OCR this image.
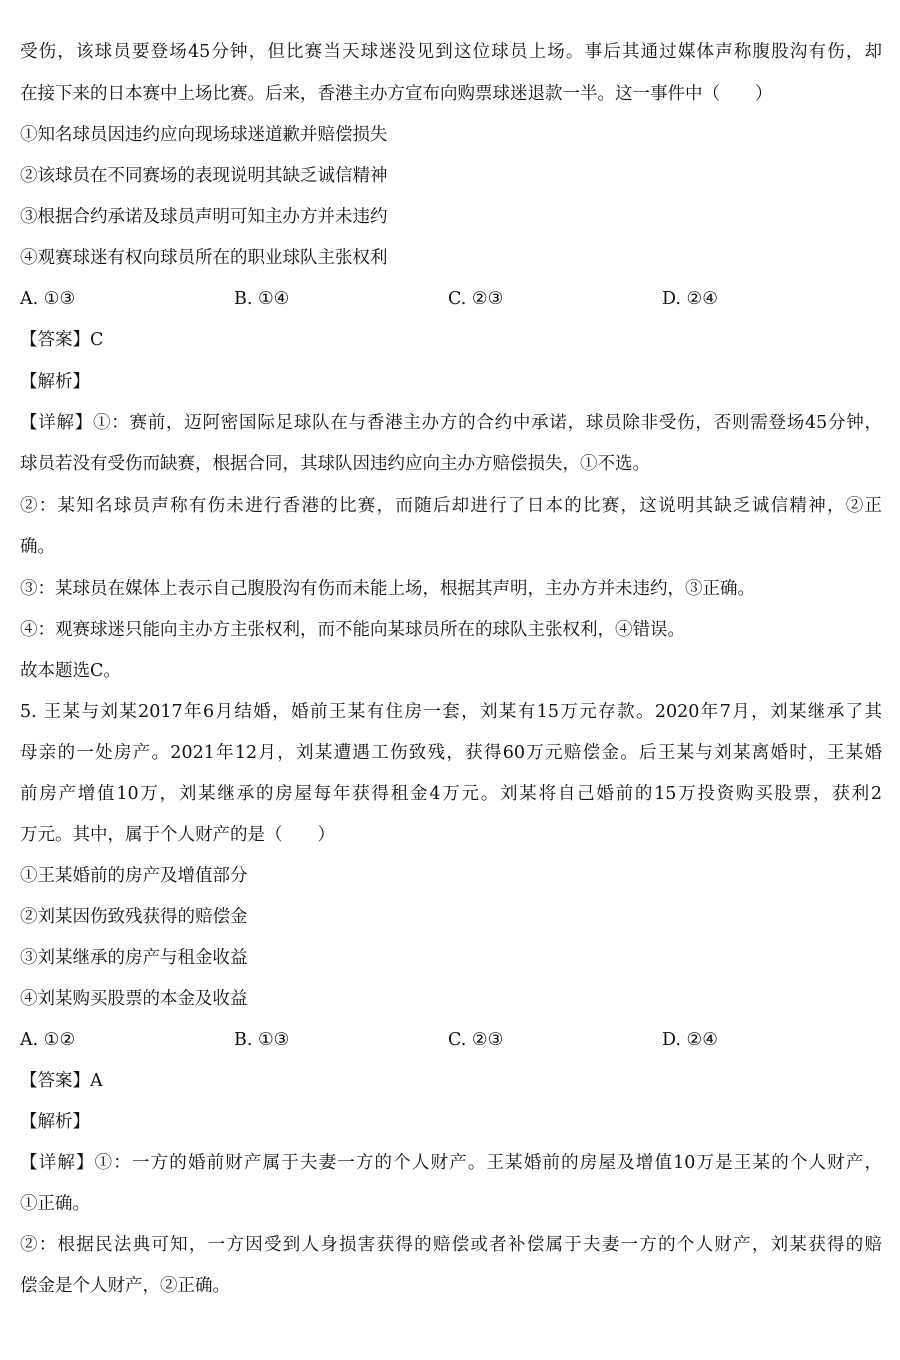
受伤，该球员要登场45分钟，但比赛当天球迷没见到这位球员上场。事后其通过媒体声称腹股沟有伤，却
在接下来的日本赛中上场比赛。后来，香港主办方宣布向购票球迷退款一半。这一事件中（　　）
①知名球员因违约应向现场球迷道歉并赔偿损失
②该球员在不同赛场的表现说明其缺乏诚信精神
③根据合约承诺及球员声明可知主办方并未违约
④观赛球迷有权向球员所在的职业球队主张权利
A. ①③	B. ①④	C. ②③	D. ②④
【答案】C
【解析】
【详解】①：赛前，迈阿密国际足球队在与香港主办方的合约中承诺，球员除非受伤，否则需登场45分钟，
球员若没有受伤而缺赛，根据合同，其球队因违约应向主办方赔偿损失，①不选。
②：某知名球员声称有伤未进行香港的比赛，而随后却进行了日本的比赛，这说明其缺乏诚信精神，②正
确。
③：某球员在媒体上表示自己腹股沟有伤而未能上场，根据其声明，主办方并未违约，③正确。
④：观赛球迷只能向主办方主张权利，而不能向某球员所在的球队主张权利，④错误。
故本题选C。
5. 王某与刘某2017年6月结婚，婚前王某有住房一套，刘某有15万元存款。2020年7月，刘某继承了其
母亲的一处房产。2021年12月，刘某遭遇工伤致残，获得60万元赔偿金。后王某与刘某离婚时，王某婚
前房产增值10万，刘某继承的房屋每年获得租金4万元。刘某将自己婚前的15万投资购买股票，获利2
万元。其中，属于个人财产的是（　　）
①王某婚前的房产及增值部分
②刘某因伤致残获得的赔偿金
③刘某继承的房产与租金收益
④刘某购买股票的本金及收益
A. ①②	B. ①③	C. ②③	D. ②④
【答案】A
【解析】
【详解】①：一方的婚前财产属于夫妻一方的个人财产。王某婚前的房屋及增值10万是王某的个人财产，
①正确。
②：根据民法典可知，一方因受到人身损害获得的赔偿或者补偿属于夫妻一方的个人财产，刘某获得的赔
偿金是个人财产，②正确。
